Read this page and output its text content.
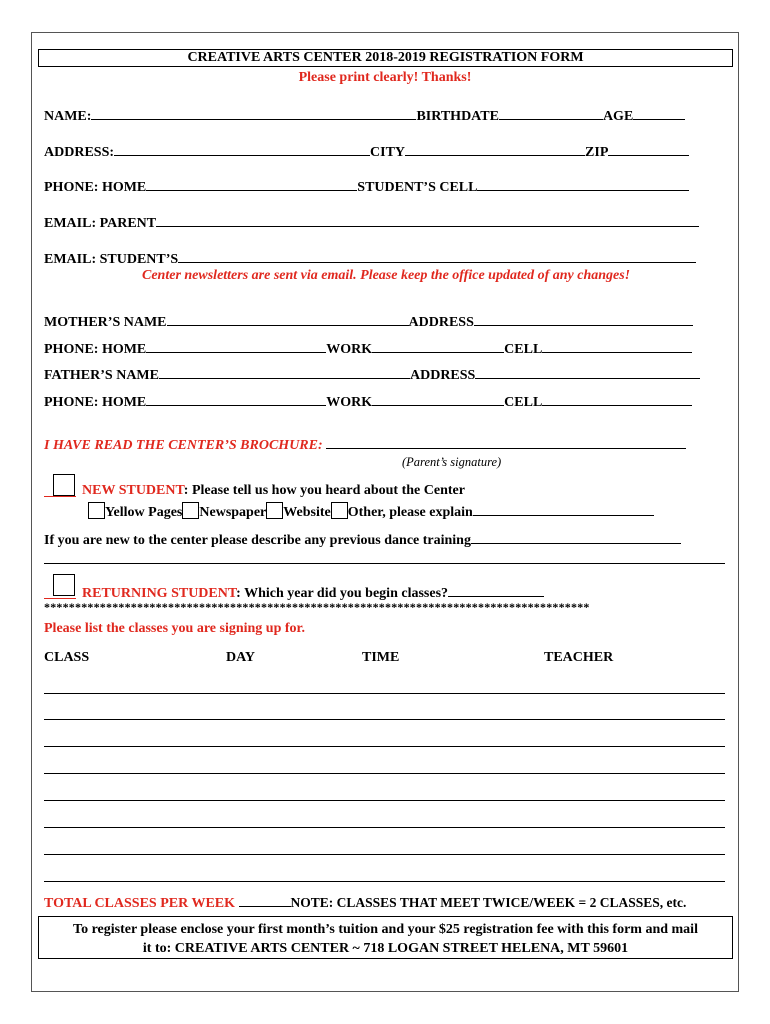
CREATIVE ARTS CENTER 2018-2019 REGISTRATION FORM
Please print clearly! Thanks!
NAME:	BIRTHDATE	AGE
ADDRESS:	CITY	ZIP
PHONE: HOME	STUDENT’S CELL
EMAIL: PARENT
EMAIL: STUDENT’S
Center newsletters are sent via email. Please keep the office updated of any changes!
MOTHER’S NAME	ADDRESS
PHONE: HOME	WORK	CELL
FATHER’S NAME	ADDRESS
PHONE: HOME	WORK	CELL
I HAVE READ THE CENTER’S BROCHURE:
(Parent’s signature)
NEW STUDENT: Please tell us how you heard about the Center
Yellow Pages Newspaper Website Other, please explain
If you are new to the center please describe any previous dance training
RETURNING STUDENT: Which year did you begin classes?
****************************************************************************************
Please list the classes you are signing up for.
CLASS	DAY	TIME	TEACHER
TOTAL CLASSES PER WEEK	NOTE: CLASSES THAT MEET TWICE/WEEK = 2 CLASSES, etc.
To register please enclose your first month’s tuition and your $25 registration fee with this form and mail
it to: CREATIVE ARTS CENTER ~ 718 LOGAN STREET HELENA, MT 59601
